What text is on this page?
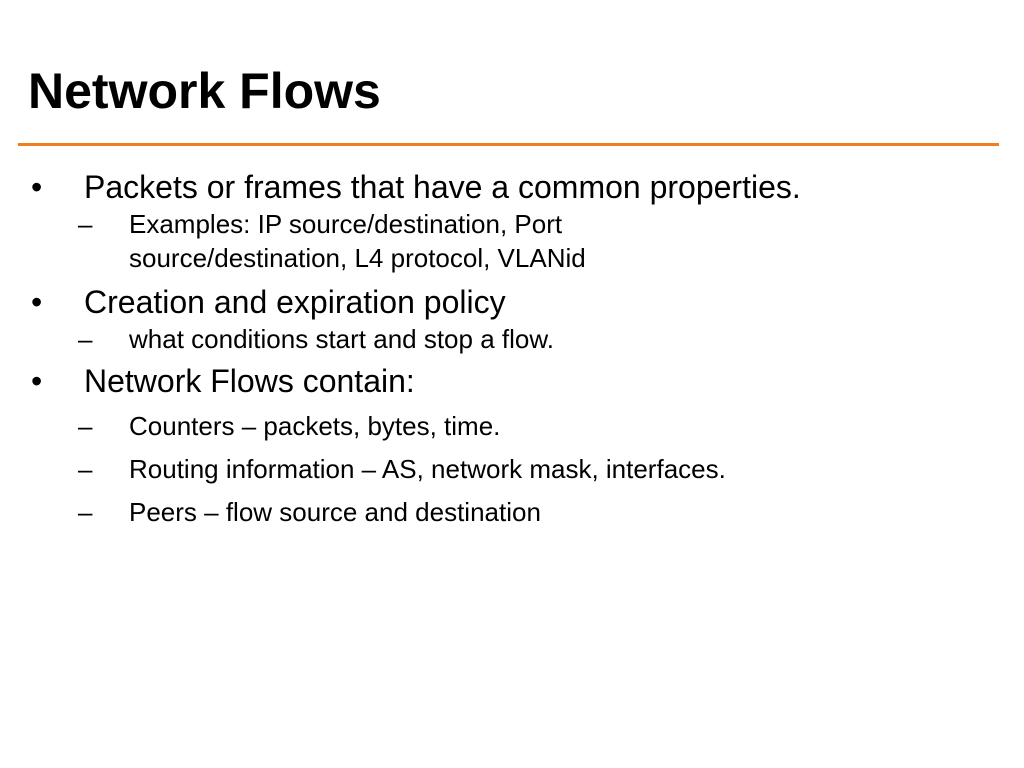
Network Flows
• Packets or frames that have a common properties.
–	Examples: IP source/destination, Port source/destination, L4 protocol, VLANid
• Creation and expiration policy
–	what conditions start and stop a flow.
• Network Flows contain:
–	Counters – packets, bytes, time.
–	Routing information – AS, network mask, interfaces.
–	Peers – flow source and destination
